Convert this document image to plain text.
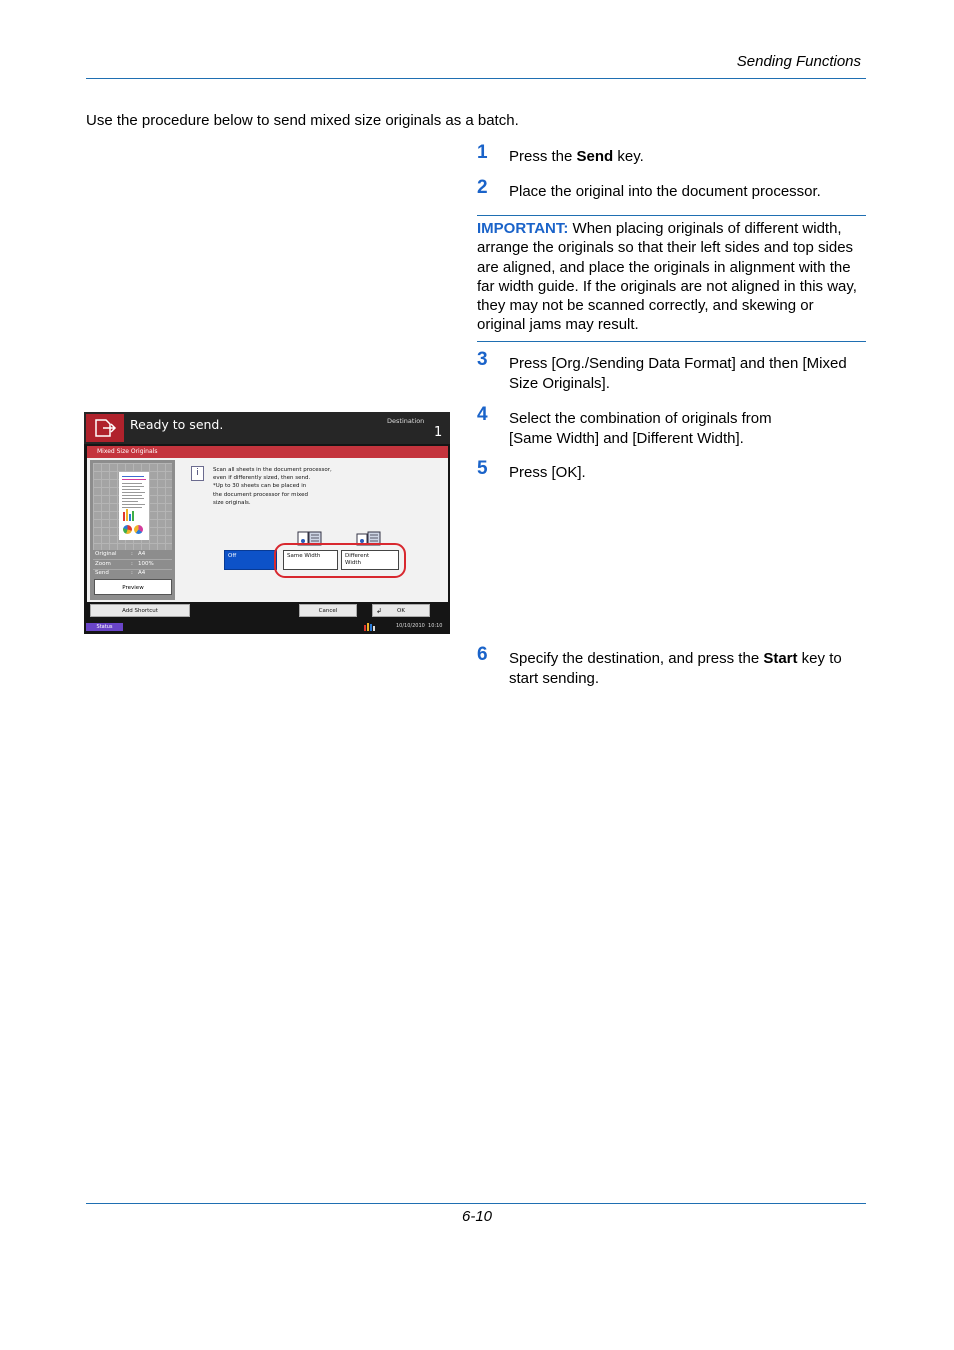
Sending Functions
Use the procedure below to send mixed size originals as a batch.
1 Press the Send key.
2 Place the original into the document processor.
IMPORTANT: When placing originals of different width, arrange the originals so that their left sides and top sides are aligned, and place the originals in alignment with the far width guide. If the originals are not aligned in this way, they may not be scanned correctly, and skewing or original jams may result.
3 Press [Org./Sending Data Format] and then [Mixed Size Originals].
4 Select the combination of originals from
[Same Width] and [Different Width].
5 Press [OK].
6 Specify the destination, and press the Start key to start sending.
Ready to send.	Destination
1
Mixed Size Originals
Original	: A4
Zoom	: 100%
Send	: A4
Preview
i	Scan all sheets in the document processor,
even if differently sized, then send.
*Up to 30 sheets can be placed in
the document processor for mixed
size originals.
Off	Same Width	Different
Width
Add Shortcut	Cancel	↲	OK
Status	10/10/2010 10:10
6-10
